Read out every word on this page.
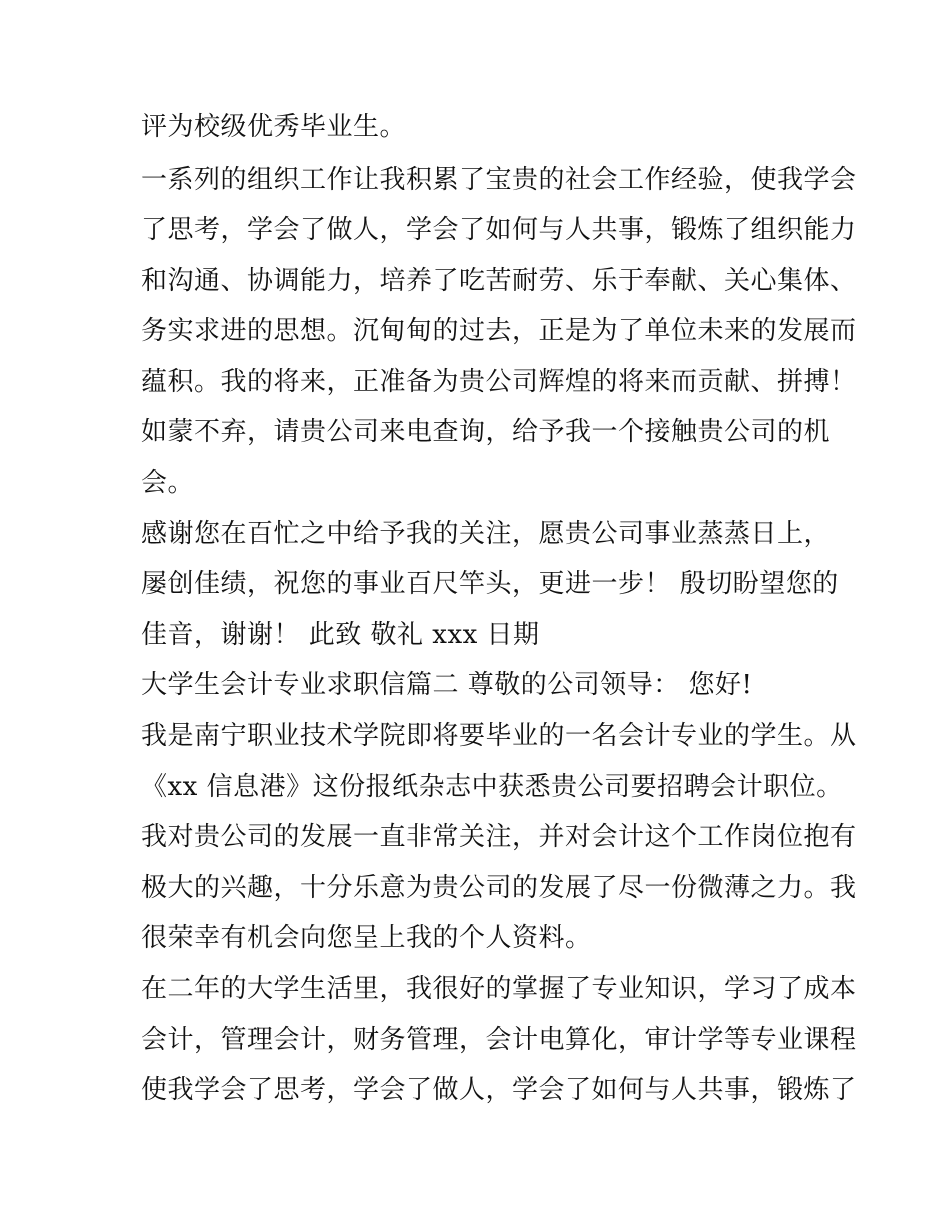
评为校级优秀毕业生。
一系列的组织工作让我积累了宝贵的社会工作经验，使我学会
了思考，学会了做人，学会了如何与人共事，锻炼了组织能力
和沟通、协调能力，培养了吃苦耐劳、乐于奉献、关心集体、
务实求进的思想。沉甸甸的过去，正是为了单位未来的发展而
蕴积。我的将来，正准备为贵公司辉煌的将来而贡献、拼搏！
如蒙不弃，请贵公司来电查询，给予我一个接触贵公司的机
会。
感谢您在百忙之中给予我的关注，愿贵公司事业蒸蒸日上，
屡创佳绩，祝您的事业百尺竿头，更进一步！ 殷切盼望您的
佳音，谢谢！ 此致 敬礼 xxx 日期
大学生会计专业求职信篇二 尊敬的公司领导： 您好!
我是南宁职业技术学院即将要毕业的一名会计专业的学生。从
《xx 信息港》这份报纸杂志中获悉贵公司要招聘会计职位。
我对贵公司的发展一直非常关注，并对会计这个工作岗位抱有
极大的兴趣，十分乐意为贵公司的发展了尽一份微薄之力。我
很荣幸有机会向您呈上我的个人资料。
在二年的大学生活里，我很好的掌握了专业知识，学习了成本
会计，管理会计，财务管理，会计电算化，审计学等专业课程
使我学会了思考，学会了做人，学会了如何与人共事，锻炼了
